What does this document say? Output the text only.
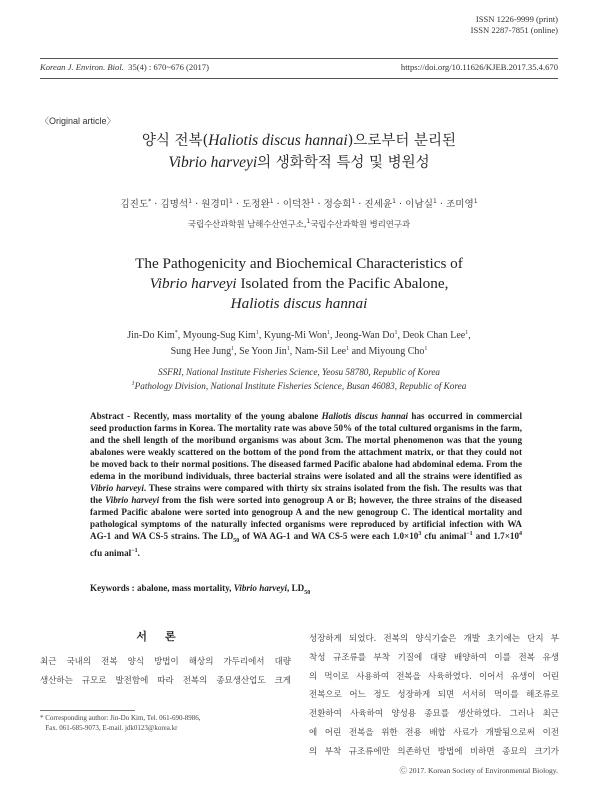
ISSN 1226-9999 (print)
ISSN 2287-7851 (online)
Korean J. Environ. Biol.  35(4) : 670~676 (2017)	https://doi.org/10.11626/KJEB.2017.35.4.670
〈Original article〉
양식 전복(Haliotis discus hannai)으로부터 분리된
Vibrio harveyi의 생화학적 특성 및 병원성
김진도* · 김명석$^1$ · 원경미$^1$ · 도정완$^1$ · 이덕찬$^1$ · 정승희$^1$ · 진세윤$^1$ · 이남실$^1$ · 조미영$^1$
국립수산과학원 남해수산연구소,$^1$국립수산과학원 병리연구과
The Pathogenicity and Biochemical Characteristics of
Vibrio harveyi Isolated from the Pacific Abalone,
Haliotis discus hannai
Jin-Do Kim*, Myoung-Sug Kim$^1$, Kyung-Mi Won$^1$, Jeong-Wan Do$^1$, Deok Chan Lee$^1$,
Sung Hee Jung$^1$, Se Yoon Jin$^1$, Nam-Sil Lee$^1$ and Miyoung Cho$^1$
SSFRI, National Institute Fisheries Science, Yeosu 58780, Republic of Korea
$^1$Pathology Division, National Institute Fisheries Science, Busan 46083, Republic of Korea
Abstract - Recently, mass mortality of the young abalone Haliotis discus hannai has occurred in commercial seed production farms in Korea. The mortality rate was above 50% of the total cultured organisms in the farm, and the shell length of the moribund organisms was about 3cm. The mortal phenomenon was that the young abalones were weakly scattered on the bottom of the pond from the attachment matrix, or that they could not be moved back to their normal positions. The diseased farmed Pacific abalone had abdominal edema. From the edema in the moribund individuals, three bacterial strains were isolated and all the strains were identified as Vibrio harveyi. These strains were compared with thirty six strains isolated from the fish. The results was that the Vibrio harveyi from the fish were sorted into genogroup A or B; however, the three strains of the diseased farmed Pacific abalone were sorted into genogroup A and the new genogroup C. The identical mortality and pathological symptoms of the naturally infected organisms were reproduced by artificial infection with WA AG-1 and WA CS-5 strains. The $LD_{50}$ of WA AG-1 and WA CS-5 were each $1.0\times 10^3$ cfu animal$^{-1}$ and $1.7\times 10^4$ cfu animal$^{-1}$.
Keywords : abalone, mass mortality, Vibrio harveyi, $LD_{50}$
서론
최근 국내의 전복 양식 방법이 해상의 가두리에서 대량
생산하는 규모로 발전함에 따라 전복의 종묘생산업도 크게
성장하게 되었다. 전복의 양식기술은 개발 초기에는 단지 부
착성 규조류를 부착 기질에 대량 배양하여 이를 전복 유생
의 먹이로 사용하여 전복을 사육하였다. 이어서 유생이 어린
전복으로 어느 정도 성장하게 되면 서서히 먹이를 해조류로
전환하여 사육하여 양성용 종묘를 생산하였다. 그러나 최근
에 어린 전복을 위한 전용 배합 사료가 개발됨으로써 이전
의 부착 규조류에만 의존하던 방법에 비하면 종묘의 크기가
* Corresponding author: Jin-Do Kim, Tel. 061-690-8986,
Fax. 061-685-9073, E-mail. jdk0123@korea.kr
Ⓒ 2017. Korean Society of Environmental Biology.
